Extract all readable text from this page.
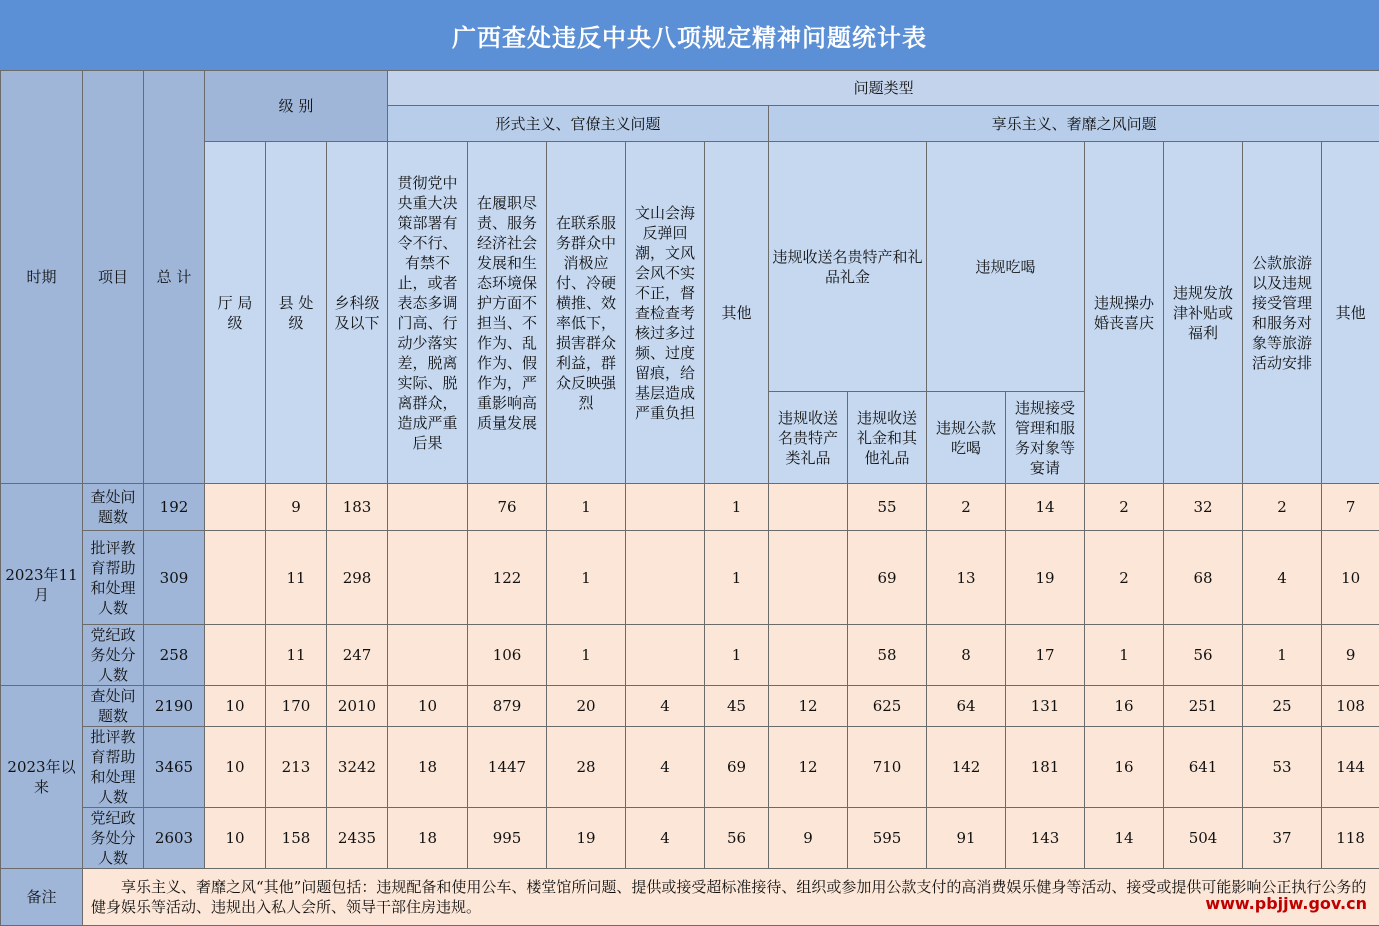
广西查处违反中央八项规定精神问题统计表
时期	项目	总 计	级 别			问题类型												
						形式主义、官僚主义问题					享乐主义、奢靡之风问题							
			厅 局 级	县 处 级	乡科级及以下	贯彻党中央重大决策部署有令不行、有禁不止，或者表态多调门高、行动少落实差，脱离实际、脱离群众，造成严重后果	在履职尽责、服务经济社会发展和生态环境保护方面不担当、不作为、乱作为、假作为，严重影响高质量发展	在联系服务群众中消极应付、冷硬横推、效率低下，损害群众利益，群众反映强烈	文山会海反弹回潮，文风会风不实不正，督查检查考核过多过频、过度留痕，给基层造成严重负担	其他	违规收送名贵特产和礼品礼金		违规吃喝		违规操办婚丧喜庆	违规发放津补贴或福利	公款旅游以及违规接受管理和服务对象等旅游活动安排	其他
											违规收送名贵特产类礼品	违规收送礼金和其他礼品	违规公款吃喝	违规接受管理和服务对象等宴请				
2023年11月	查处问题数	192		9	183		76	1		1		55	2	14	2	32	2	7
	批评教育帮助和处理人数	309		11	298		122	1		1		69	13	19	2	68	4	10
	党纪政务处分人数	258		11	247		106	1		1		58	8	17	1	56	1	9
2023年以来	查处问题数	2190	10	170	2010	10	879	20	4	45	12	625	64	131	16	251	25	108
	批评教育帮助和处理人数	3465	10	213	3242	18	1447	28	4	69	12	710	142	181	16	641	53	144
	党纪政务处分人数	2603	10	158	2435	18	995	19	4	56	9	595	91	143	14	504	37	118
备注	享乐主义、奢靡之风“其他”问题包括：违规配备和使用公车、楼堂馆所问题、提供或接受超标准接待、组织或参加用公款支付的高消费娱乐健身等活动、接受或提供可能影响公正执行公务的健身娱乐等活动、违规出入私人会所、领导干部住房违规。																		www.pbjjw.gov.cn
